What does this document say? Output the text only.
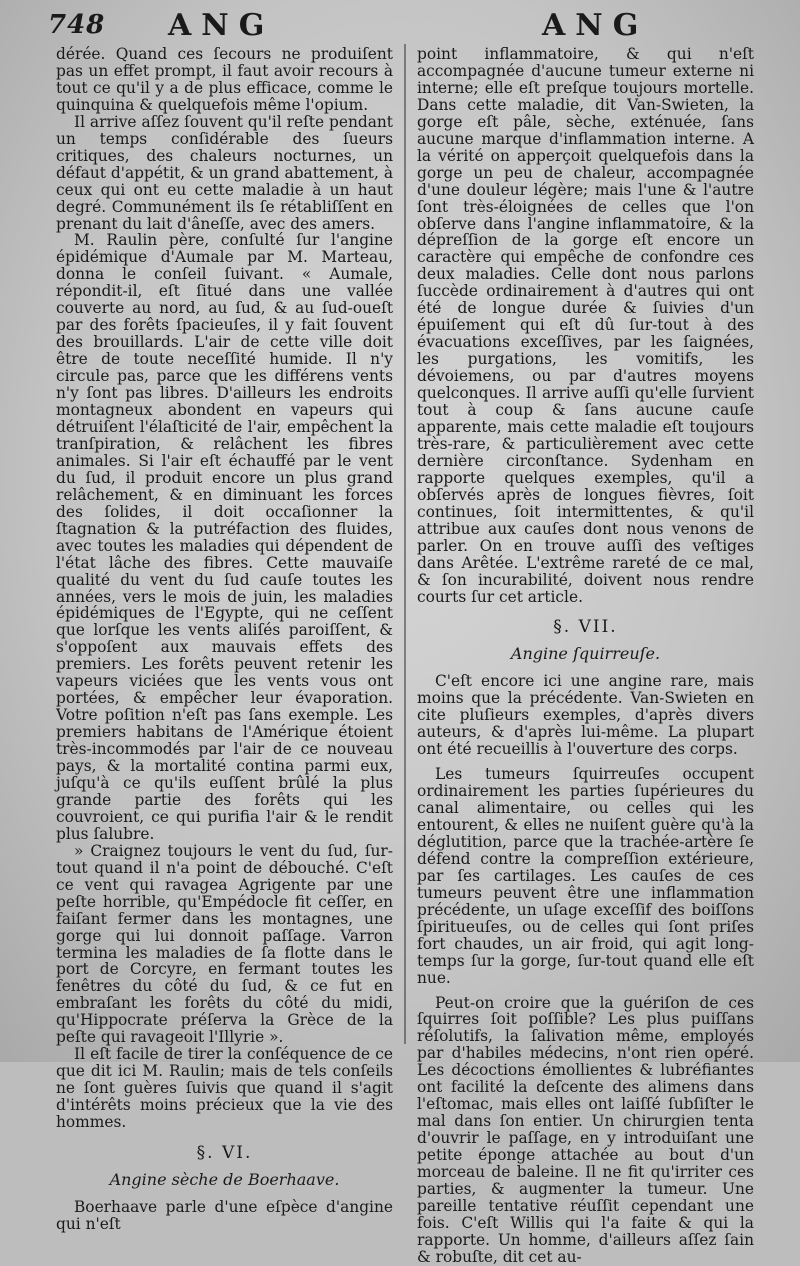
748 ANG	ANG

dérée. Quand ces ſecours ne produiſent pas un effet prompt, il faut avoir recours à tout ce qu'il y a de plus efficace, comme le quinquina & quelquefois même l'opium.

Il arrive aſſez ſouvent qu'il reſte pendant un temps conſidérable des ſueurs critiques, des chaleurs nocturnes, un défaut d'appétit, & un grand abattement, à ceux qui ont eu cette maladie à un haut degré. Communément ils ſe rétabliſſent en prenant du lait d'âneſſe, avec des amers.

M. Raulin père, conſulté ſur l'angine épidémique d'Aumale par M. Marteau, donna le conſeil ſuivant. « Aumale, répondit-il, eſt ſitué dans une vallée couverte au nord, au ſud, & au ſud-oueſt par des forêts ſpacieuſes, il y fait ſouvent des brouillards. L'air de cette ville doit être de toute neceſſité humide. Il n'y circule pas, parce que les différens vents n'y ſont pas libres. D'ailleurs les endroits montagneux abondent en vapeurs qui détruiſent l'élaſticité de l'air, empêchent la tranſpiration, & relâchent les fibres animales. Si l'air eſt échauffé par le vent du ſud, il produit encore un plus grand relâchement, & en diminuant les forces des ſolides, il doit occaſionner la ſtagnation & la putréfaction des fluides, avec toutes les maladies qui dépendent de l'état lâche des fibres. Cette mauvaiſe qualité du vent du ſud cauſe toutes les années, vers le mois de juin, les maladies épidémiques de l'Egypte, qui ne ceſſent que lorſque les vents aliſés paroiſſent, & s'oppoſent aux mauvais effets des premiers. Les forêts peuvent retenir les vapeurs viciées que les vents vous ont portées, & empêcher leur évaporation. Votre poſition n'eſt pas ſans exemple. Les premiers habitans de l'Amérique étoient très-incommodés par l'air de ce nouveau pays, & la mortalité contina parmi eux, juſqu'à ce qu'ils euſſent brûlé la plus grande partie des forêts qui les couvroient, ce qui purifia l'air & le rendit plus ſalubre.

» Craignez toujours le vent du ſud, ſur-tout quand il n'a point de débouché. C'eſt ce vent qui ravagea Agrigente par une peſte horrible, qu'Empédocle fit ceſſer, en faiſant fermer dans les montagnes, une gorge qui lui donnoit paſſage. Varron termina les maladies de ſa flotte dans le port de Corcyre, en fermant toutes les fenêtres du côté du ſud, & ce fut en embraſant les forêts du côté du midi, qu'Hippocrate préſerva la Grèce de la peſte qui ravageoit l'Illyrie ».

Il eſt facile de tirer la conſéquence de ce que dit ici M. Raulin; mais de tels conſeils ne ſont guères ſuivis que quand il s'agit d'intérêts moins précieux que la vie des hommes.

§. VI.
Angine sèche de Boerhaave.

Boerhaave parle d'une eſpèce d'angine qui n'eſt

point inflammatoire, & qui n'eſt accompagnée d'aucune tumeur externe ni interne; elle eſt preſque toujours mortelle. Dans cette maladie, dit Van-Swieten, la gorge eſt pâle, sèche, exténuée, ſans aucune marque d'inflammation interne. A la vérité on apperçoit quelquefois dans la gorge un peu de chaleur, accompagnée d'une douleur légère; mais l'une & l'autre ſont très-éloignées de celles que l'on obſerve dans l'angine inflammatoire, & la dépreſſion de la gorge eſt encore un caractère qui empêche de confondre ces deux maladies. Celle dont nous parlons ſuccède ordinairement à d'autres qui ont été de longue durée & ſuivies d'un épuiſement qui eſt dû ſur-tout à des évacuations exceſſives, par les ſaignées, les purgations, les vomitifs, les dévoiemens, ou par d'autres moyens quelconques. Il arrive auſſi qu'elle ſurvient tout à coup & ſans aucune cauſe apparente, mais cette maladie eſt toujours très-rare, & particulièrement avec cette dernière circonſtance. Sydenham en rapporte quelques exemples, qu'il a obſervés après de longues fièvres, ſoit continues, ſoit intermittentes, & qu'il attribue aux cauſes dont nous venons de parler. On en trouve auſſi des veſtiges dans Arêtée. L'extrême rareté de ce mal, & ſon incurabilité, doivent nous rendre courts ſur cet article.

§. VII.
Angine ſquirreuſe.

C'eſt encore ici une angine rare, mais moins que la précédente. Van-Swieten en cite pluſieurs exemples, d'après divers auteurs, & d'après lui-même. La plupart ont été recueillis à l'ouverture des corps.

Les tumeurs ſquirreuſes occupent ordinairement les parties ſupérieures du canal alimentaire, ou celles qui les entourent, & elles ne nuiſent guère qu'à la déglutition, parce que la trachée-artère ſe défend contre la compreſſion extérieure, par ſes cartilages. Les cauſes de ces tumeurs peuvent être une inflammation précédente, un uſage exceſſif des boiſſons ſpiritueuſes, ou de celles qui ſont priſes fort chaudes, un air froid, qui agit long-temps ſur la gorge, ſur-tout quand elle eſt nue.

Peut-on croire que la guériſon de ces ſquirres ſoit poſſible? Les plus puiſſans réſolutifs, la ſalivation même, employés par d'habiles médecins, n'ont rien opéré. Les décoctions émollientes & lubréfiantes ont facilité la deſcente des alimens dans l'eſtomac, mais elles ont laiſſé ſubſiſter le mal dans ſon entier. Un chirurgien tenta d'ouvrir le paſſage, en y introduiſant une petite éponge attachée au bout d'un morceau de baleine. Il ne fit qu'irriter ces parties, & augmenter la tumeur. Une pareille tentative réuſſit cependant une fois. C'eſt Willis qui l'a faite & qui la rapporte. Un homme, d'ailleurs aſſez ſain & robuſte, dit cet au-
